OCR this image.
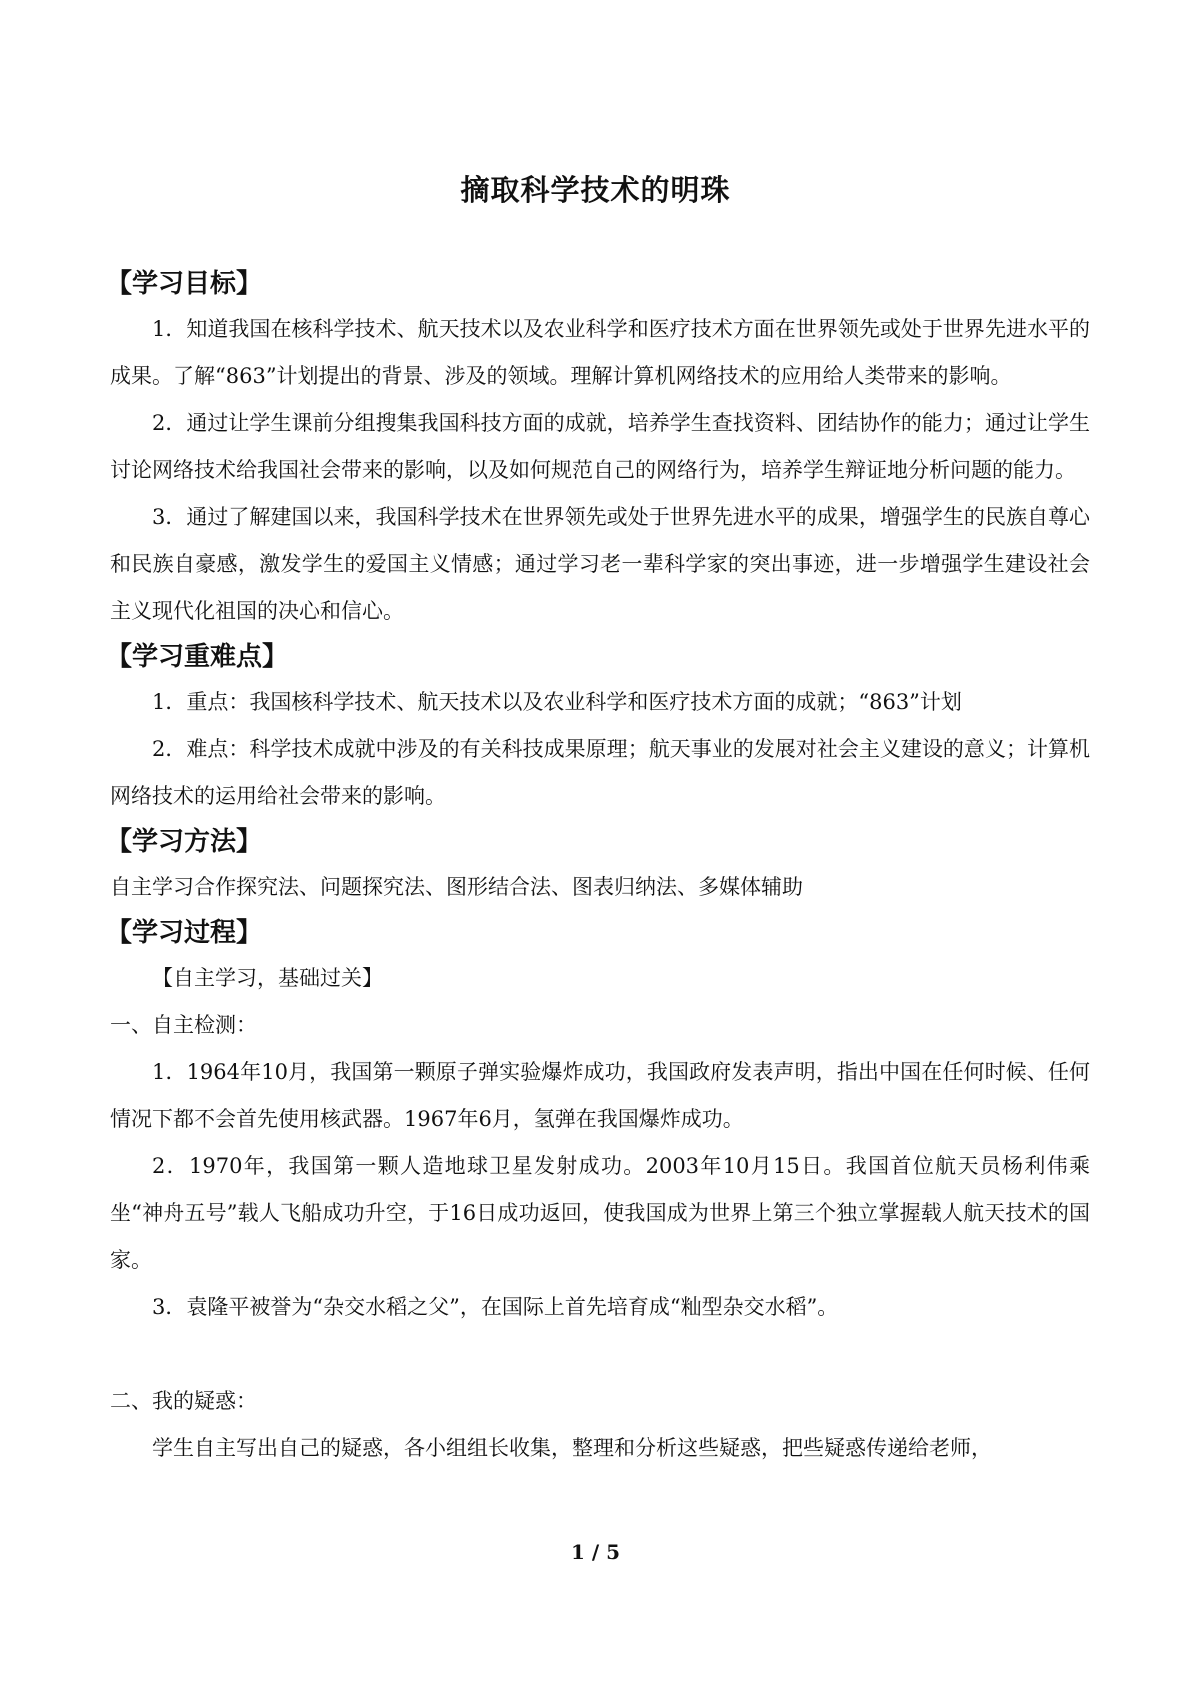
摘取科学技术的明珠
【学习目标】

1．知道我国在核科学技术、航天技术以及农业科学和医疗技术方面在世界领先或处于世界先进水平的成果。了解“863”计划提出的背景、涉及的领域。理解计算机网络技术的应用给人类带来的影响。

2．通过让学生课前分组搜集我国科技方面的成就，培养学生查找资料、团结协作的能力；通过让学生讨论网络技术给我国社会带来的影响，以及如何规范自己的网络行为，培养学生辩证地分析问题的能力。

3．通过了解建国以来，我国科学技术在世界领先或处于世界先进水平的成果，增强学生的民族自尊心和民族自豪感，激发学生的爱国主义情感；通过学习老一辈科学家的突出事迹，进一步增强学生建设社会主义现代化祖国的决心和信心。

【学习重难点】

1．重点：我国核科学技术、航天技术以及农业科学和医疗技术方面的成就；“863”计划

2．难点：科学技术成就中涉及的有关科技成果原理；航天事业的发展对社会主义建设的意义；计算机网络技术的运用给社会带来的影响。

【学习方法】

自主学习合作探究法、问题探究法、图形结合法、图表归纳法、多媒体辅助

【学习过程】

【自主学习，基础过关】

一、自主检测：

1．1964年10月，我国第一颗原子弹实验爆炸成功，我国政府发表声明，指出中国在任何时候、任何情况下都不会首先使用核武器。1967年6月，氢弹在我国爆炸成功。

2．1970年，我国第一颗人造地球卫星发射成功。2003年10月15日。我国首位航天员杨利伟乘坐“神舟五号”载人飞船成功升空，于16日成功返回，使我国成为世界上第三个独立掌握载人航天技术的国家。

3．袁隆平被誉为“杂交水稻之父”，在国际上首先培育成“籼型杂交水稻”。

二、我的疑惑：

学生自主写出自己的疑惑，各小组组长收集，整理和分析这些疑惑，把些疑惑传递给老师，

1 / 5
